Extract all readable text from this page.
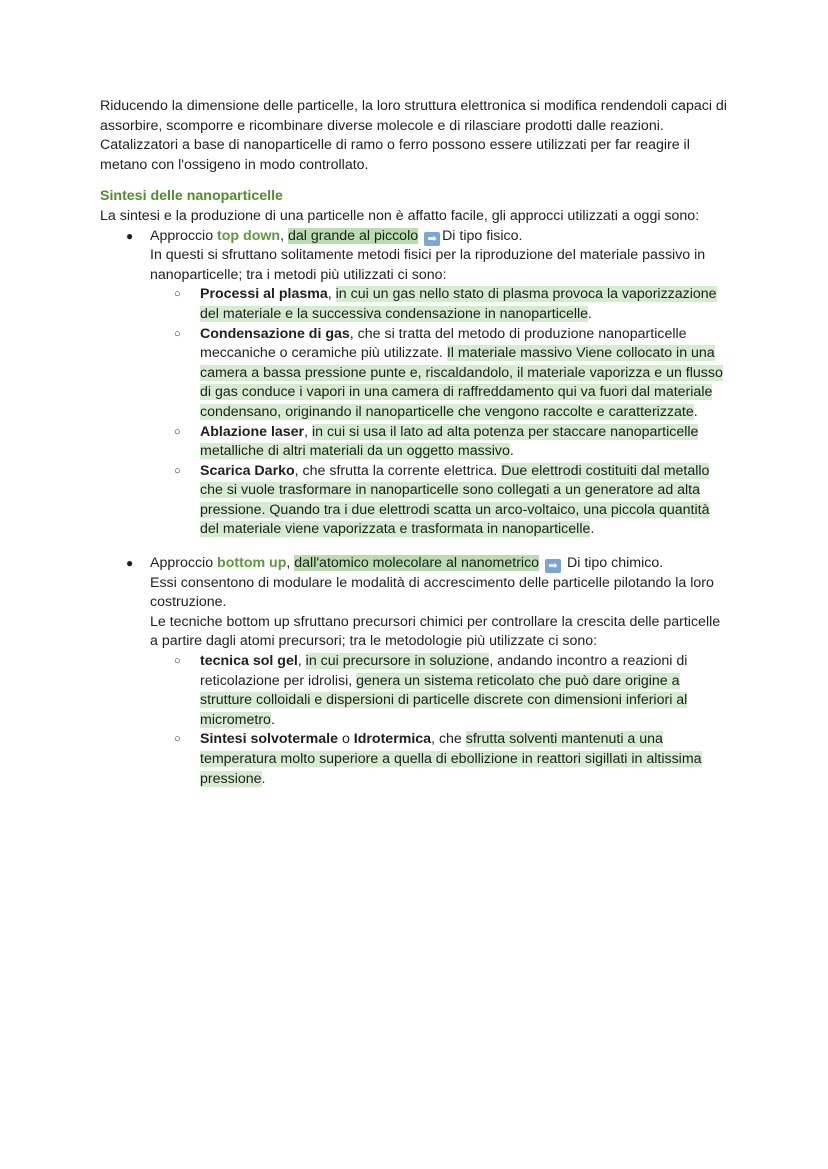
Riducendo la dimensione delle particelle, la loro struttura elettronica si modifica rendendoli capaci di assorbire, scomporre e ricombinare diverse molecole e di rilasciare prodotti dalle reazioni.

Catalizzatori a base di nanoparticelle di ramo o ferro possono essere utilizzati per far reagire il metano con l'ossigeno in modo controllato.

Sintesi delle nanoparticelle

La sintesi e la produzione di una particelle non è affatto facile, gli approcci utilizzati a oggi sono:

● Approccio top down, dal grande al piccolo ➡ Di tipo fisico.

In questi si sfruttano solitamente metodi fisici per la riproduzione del materiale passivo in nanoparticelle; tra i metodi più utilizzati ci sono:

○ Processi al plasma, in cui un gas nello stato di plasma provoca la vaporizzazione del materiale e la successiva condensazione in nanoparticelle.
○ Condensazione di gas, che si tratta del metodo di produzione nanoparticelle meccaniche o ceramiche più utilizzate. Il materiale massivo Viene collocato in una camera a bassa pressione punte e, riscaldandolo, il materiale vaporizza e un flusso di gas conduce i vapori in una camera di raffreddamento qui va fuori dal materiale condensano, originando il nanoparticelle che vengono raccolte e caratterizzate.
○ Ablazione laser, in cui si usa il lato ad alta potenza per staccare nanoparticelle metalliche di altri materiali da un oggetto massivo.
○ Scarica Darko, che sfrutta la corrente elettrica. Due elettrodi costituiti dal metallo che si vuole trasformare in nanoparticelle sono collegati a un generatore ad alta pressione. Quando tra i due elettrodi scatta un arco-voltaico, una piccola quantità del materiale viene vaporizzata e trasformata in nanoparticelle.
● Approccio bottom up, dall'atomico molecolare al nanometrico ➡ Di tipo chimico.

Essi consentono di modulare le modalità di accrescimento delle particelle pilotando la loro costruzione.

Le tecniche bottom up sfruttano precursori chimici per controllare la crescita delle particelle a partire dagli atomi precursori; tra le metodologie più utilizzate ci sono:

○ tecnica sol gel, in cui precursore in soluzione, andando incontro a reazioni di reticolazione per idrolisi, genera un sistema reticolato che può dare origine a strutture colloidali e dispersioni di particelle discrete con dimensioni inferiori al micrometro.
○ Sintesi solvotermale o Idrotermica, che sfrutta solventi mantenuti a una temperatura molto superiore a quella di ebollizione in reattori sigillati in altissima pressione.
